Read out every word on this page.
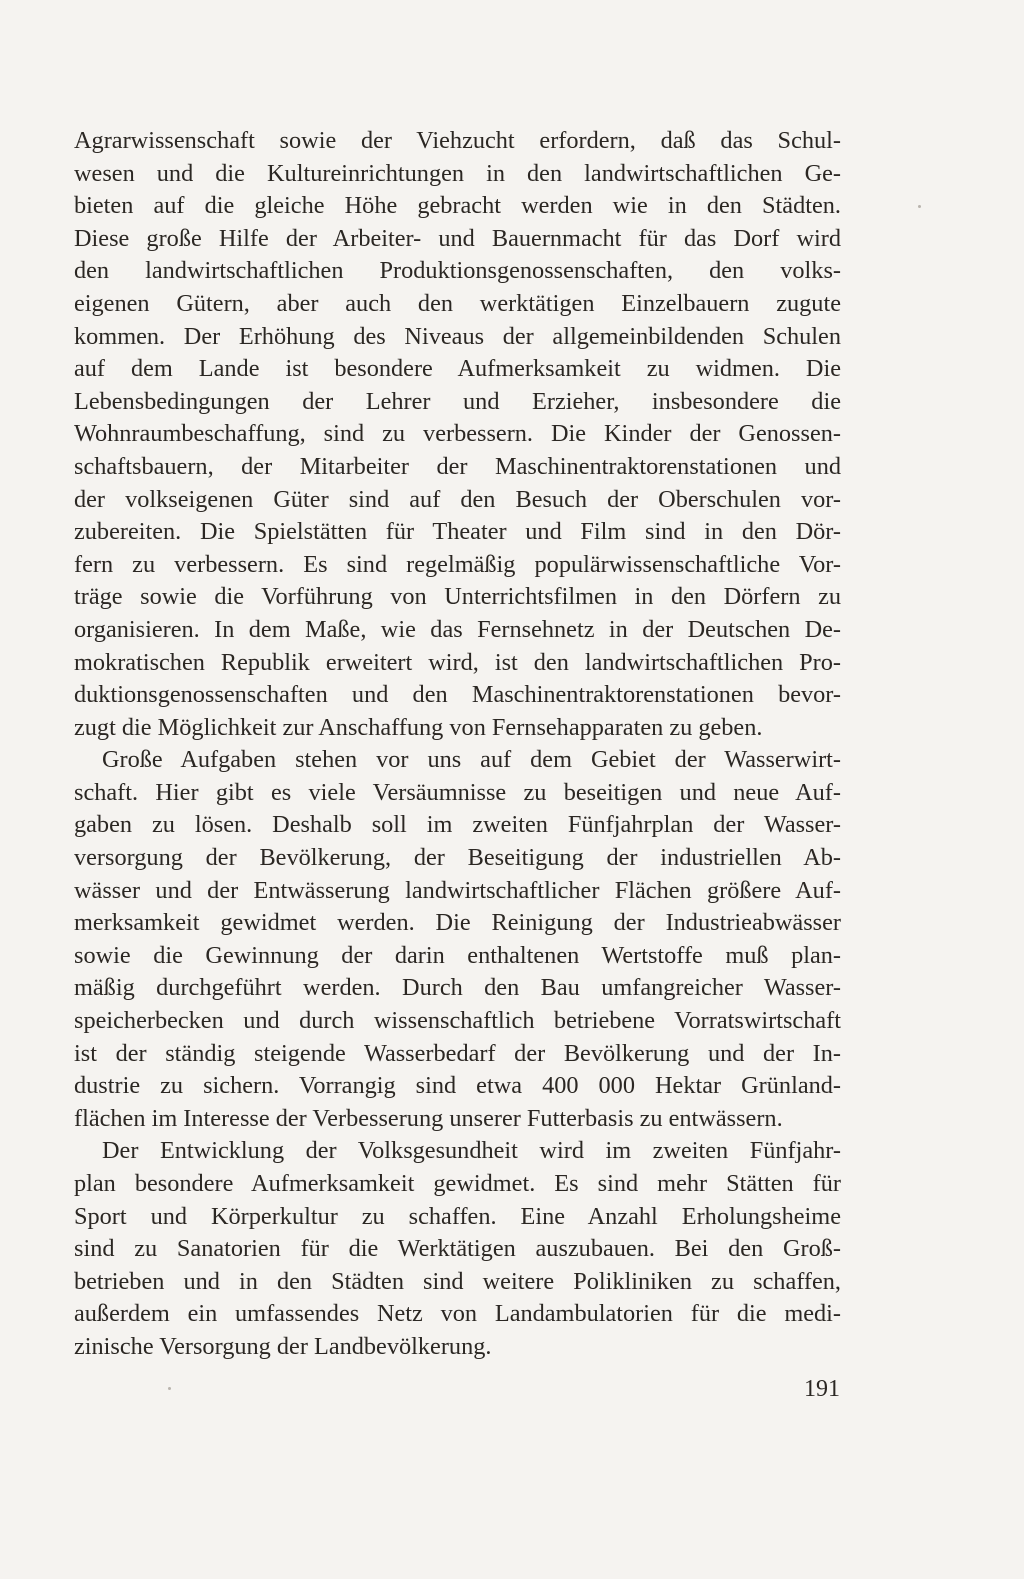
Agrarwissenschaft sowie der Viehzucht erfordern, daß das Schul-
wesen und die Kultureinrichtungen in den landwirtschaftlichen Ge-
bieten auf die gleiche Höhe gebracht werden wie in den Städten.
Diese große Hilfe der Arbeiter- und Bauernmacht für das Dorf wird
den landwirtschaftlichen Produktionsgenossenschaften, den volks-
eigenen Gütern, aber auch den werktätigen Einzelbauern zugute
kommen. Der Erhöhung des Niveaus der allgemeinbildenden Schulen
auf dem Lande ist besondere Aufmerksamkeit zu widmen. Die
Lebensbedingungen der Lehrer und Erzieher, insbesondere die
Wohnraumbeschaffung, sind zu verbessern. Die Kinder der Genossen-
schaftsbauern, der Mitarbeiter der Maschinentraktorenstationen und
der volkseigenen Güter sind auf den Besuch der Oberschulen vor-
zubereiten. Die Spielstätten für Theater und Film sind in den Dör-
fern zu verbessern. Es sind regelmäßig populärwissenschaftliche Vor-
träge sowie die Vorführung von Unterrichtsfilmen in den Dörfern zu
organisieren. In dem Maße, wie das Fernsehnetz in der Deutschen De-
mokratischen Republik erweitert wird, ist den landwirtschaftlichen Pro-
duktionsgenossenschaften und den Maschinentraktorenstationen bevor-
zugt die Möglichkeit zur Anschaffung von Fernsehapparaten zu geben.
Große Aufgaben stehen vor uns auf dem Gebiet der Wasserwirt-
schaft. Hier gibt es viele Versäumnisse zu beseitigen und neue Auf-
gaben zu lösen. Deshalb soll im zweiten Fünfjahrplan der Wasser-
versorgung der Bevölkerung, der Beseitigung der industriellen Ab-
wässer und der Entwässerung landwirtschaftlicher Flächen größere Auf-
merksamkeit gewidmet werden. Die Reinigung der Industrieabwässer
sowie die Gewinnung der darin enthaltenen Wertstoffe muß plan-
mäßig durchgeführt werden. Durch den Bau umfangreicher Wasser-
speicherbecken und durch wissenschaftlich betriebene Vorratswirtschaft
ist der ständig steigende Wasserbedarf der Bevölkerung und der In-
dustrie zu sichern. Vorrangig sind etwa 400 000 Hektar Grünland-
flächen im Interesse der Verbesserung unserer Futterbasis zu entwässern.
Der Entwicklung der Volksgesundheit wird im zweiten Fünfjahr-
plan besondere Aufmerksamkeit gewidmet. Es sind mehr Stätten für
Sport und Körperkultur zu schaffen. Eine Anzahl Erholungsheime
sind zu Sanatorien für die Werktätigen auszubauen. Bei den Groß-
betrieben und in den Städten sind weitere Polikliniken zu schaffen,
außerdem ein umfassendes Netz von Landambulatorien für die medi-
zinische Versorgung der Landbevölkerung.
191
